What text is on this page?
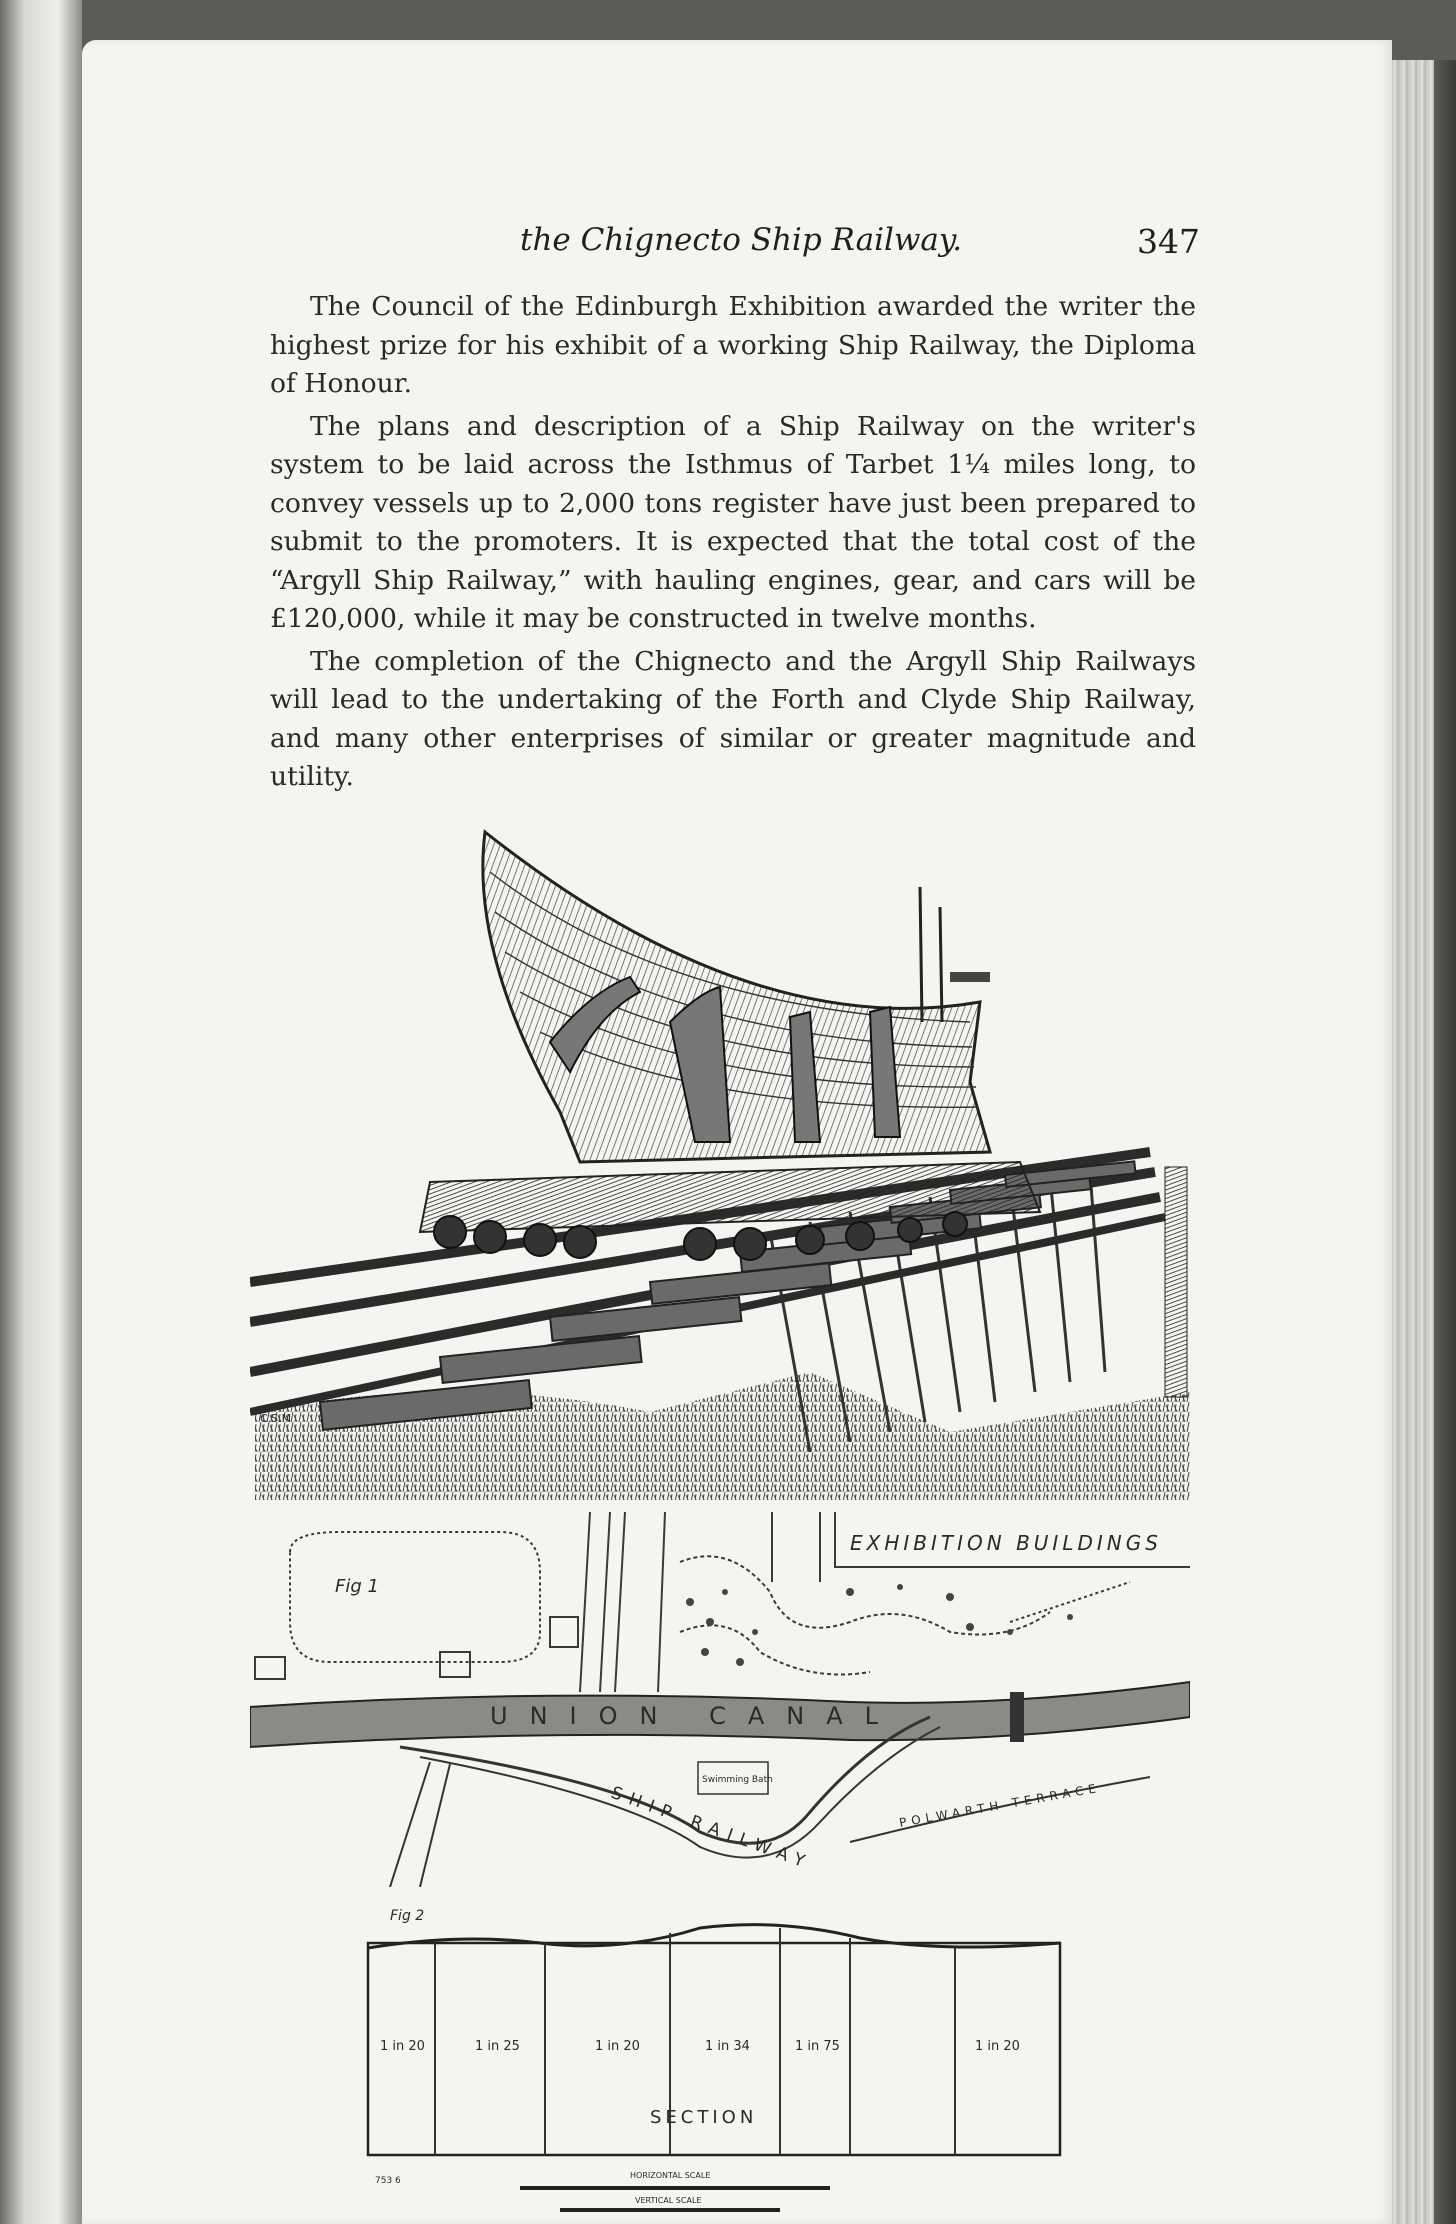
the Chignecto Ship Railway.	347

The Council of the Edinburgh Exhibition awarded the writer the highest prize for his exhibit of a working Ship Railway, the Diploma of Honour.

The plans and description of a Ship Railway on the writer's system to be laid across the Isthmus of Tarbet 1¼ miles long, to convey vessels up to 2,000 tons register have just been prepared to submit to the promoters. It is expected that the total cost of the “Argyll Ship Railway,” with hauling engines, gear, and cars will be £120,000, while it may be constructed in twelve months.

The completion of the Chignecto and the Argyll Ship Railways will lead to the undertaking of the Forth and Clyde Ship Railway, and many other enterprises of similar or greater magnitude and utility.

C.S.M
Fig 1
EXHIBITION BUILDINGS
UNION CANAL
SHIP RAILWAY
Swimming Bath
POLWARTH TERRACE
Fig 2
1 in 20	1 in 25	1 in 20	1 in 34	1 in 75	1 in 20
SECTION
753 6
HORIZONTAL SCALE
VERTICAL SCALE
